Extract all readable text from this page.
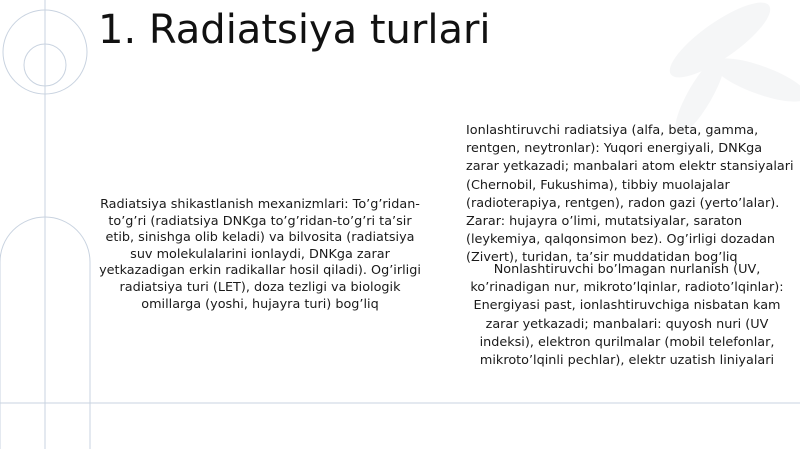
1. Radiatsiya turlari
Radiatsiya shikastlanish mexanizmlari: To’g’ridan-to’g’ri (radiatsiya DNKga to’g’ridan-to’g’ri ta’sir etib, sinishga olib keladi) va bilvosita (radiatsiya suv molekulalarini ionlaydi, DNKga zarar yetkazadigan erkin radikallar hosil qiladi). Og’irligi radiatsiya turi (LET), doza tezligi va biologik omillarga (yoshi, hujayra turi) bog’liq
Ionlashtiruvchi radiatsiya (alfa, beta, gamma, rentgen, neytronlar): Yuqori energiyali, DNKga zarar yetkazadi; manbalari atom elektr stansiyalari (Chernobil, Fukushima), tibbiy muolajalar (radioterapiya, rentgen), radon gazi (yerto’lalar). Zarar: hujayra o’limi, mutatsiyalar, saraton (leykemiya, qalqonsimon bez). Og’irligi dozadan (Zivert), turidan, ta’sir muddatidan bog’liq
Nonlashtiruvchi bo’lmagan nurlanish (UV, ko’rinadigan nur, mikroto’lqinlar, radioto’lqinlar): Energiyasi past, ionlashtiruvchiga nisbatan kam zarar yetkazadi; manbalari: quyosh nuri (UV indeksi), elektron qurilmalar (mobil telefonlar, mikroto’lqinli pechlar), elektr uzatish liniyalari
